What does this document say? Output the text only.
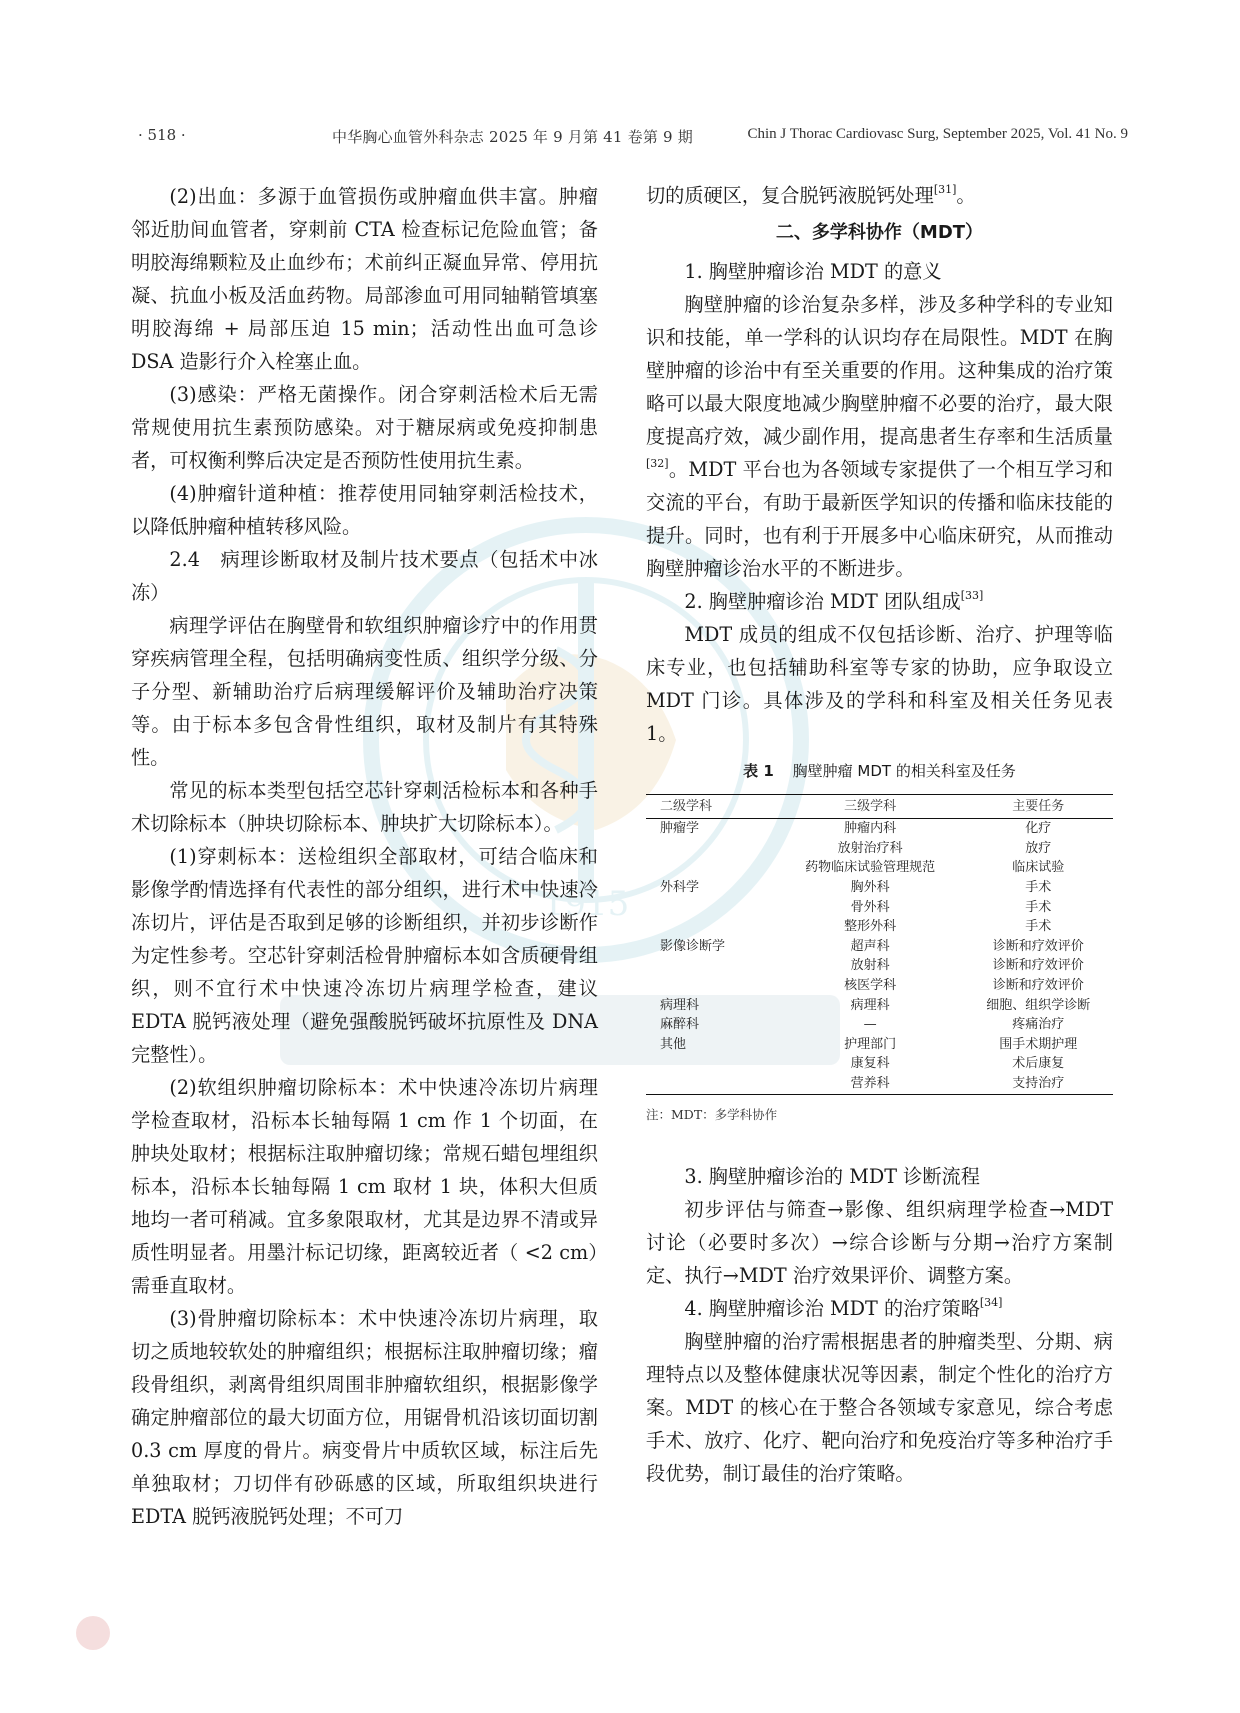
1915
· 518 ·	中华胸心血管外科杂志 2025 年 9 月第 41 卷第 9 期	Chin J Thorac Cardiovasc Surg, September 2025, Vol. 41 No. 9

(2)出血：多源于血管损伤或肿瘤血供丰富。肿瘤邻近肋间血管者，穿刺前 CTA 检查标记危险血管；备明胶海绵颗粒及止血纱布；术前纠正凝血异常、停用抗凝、抗血小板及活血药物。局部渗血可用同轴鞘管填塞明胶海绵 + 局部压迫 15 min；活动性出血可急诊 DSA 造影行介入栓塞止血。

(3)感染：严格无菌操作。闭合穿刺活检术后无需常规使用抗生素预防感染。对于糖尿病或免疫抑制患者，可权衡利弊后决定是否预防性使用抗生素。

(4)肿瘤针道种植：推荐使用同轴穿刺活检技术，以降低肿瘤种植转移风险。

2.4　病理诊断取材及制片技术要点（包括术中冰冻）

病理学评估在胸壁骨和软组织肿瘤诊疗中的作用贯穿疾病管理全程，包括明确病变性质、组织学分级、分子分型、新辅助治疗后病理缓解评价及辅助治疗决策等。由于标本多包含骨性组织，取材及制片有其特殊性。

常见的标本类型包括空芯针穿刺活检标本和各种手术切除标本（肿块切除标本、肿块扩大切除标本）。

(1)穿刺标本：送检组织全部取材，可结合临床和影像学酌情选择有代表性的部分组织，进行术中快速冷冻切片，评估是否取到足够的诊断组织，并初步诊断作为定性参考。空芯针穿刺活检骨肿瘤标本如含质硬骨组织，则不宜行术中快速冷冻切片病理学检查，建议 EDTA 脱钙液处理（避免强酸脱钙破坏抗原性及 DNA 完整性）。

(2)软组织肿瘤切除标本：术中快速冷冻切片病理学检查取材，沿标本长轴每隔 1 cm 作 1 个切面，在肿块处取材；根据标注取肿瘤切缘；常规石蜡包埋组织标本，沿标本长轴每隔 1 cm 取材 1 块，体积大但质地均一者可稍减。宜多象限取材，尤其是边界不清或异质性明显者。用墨汁标记切缘，距离较近者（ <2 cm）需垂直取材。

(3)骨肿瘤切除标本：术中快速冷冻切片病理，取切之质地较软处的肿瘤组织；根据标注取肿瘤切缘；瘤段骨组织，剥离骨组织周围非肿瘤软组织，根据影像学确定肿瘤部位的最大切面方位，用锯骨机沿该切面切割 0.3 cm 厚度的骨片。病变骨片中质软区域，标注后先单独取材；刀切伴有砂砾感的区域，所取组织块进行 EDTA 脱钙液脱钙处理；不可刀

切的质硬区，复合脱钙液脱钙处理[31]。

二、多学科协作（MDT）

1. 胸壁肿瘤诊治 MDT 的意义

胸壁肿瘤的诊治复杂多样，涉及多种学科的专业知识和技能，单一学科的认识均存在局限性。MDT 在胸壁肿瘤的诊治中有至关重要的作用。这种集成的治疗策略可以最大限度地减少胸壁肿瘤不必要的治疗，最大限度提高疗效，减少副作用，提高患者生存率和生活质量[32]。MDT 平台也为各领域专家提供了一个相互学习和交流的平台，有助于最新医学知识的传播和临床技能的提升。同时，也有利于开展多中心临床研究，从而推动胸壁肿瘤诊治水平的不断进步。

2. 胸壁肿瘤诊治 MDT 团队组成[33]

MDT 成员的组成不仅包括诊断、治疗、护理等临床专业，也包括辅助科室等专家的协助，应争取设立 MDT 门诊。具体涉及的学科和科室及相关任务见表 1。

表 1 胸壁肿瘤 MDT 的相关科室及任务
二级学科	三级学科	主要任务
肿瘤学	肿瘤内科	化疗
	放射治疗科	放疗
	药物临床试验管理规范	临床试验
外科学	胸外科	手术
	骨外科	手术
	整形外科	手术
影像诊断学	超声科	诊断和疗效评价
	放射科	诊断和疗效评价
	核医学科	诊断和疗效评价
病理科	病理科	细胞、组织学诊断
麻醉科	—	疼痛治疗
其他	护理部门	围手术期护理
	康复科	术后康复
	营养科	支持治疗
注：MDT：多学科协作

3. 胸壁肿瘤诊治的 MDT 诊断流程

初步评估与筛查→影像、组织病理学检查→MDT 讨论（必要时多次）→综合诊断与分期→治疗方案制定、执行→MDT 治疗效果评价、调整方案。

4. 胸壁肿瘤诊治 MDT 的治疗策略[34]

胸壁肿瘤的治疗需根据患者的肿瘤类型、分期、病理特点以及整体健康状况等因素，制定个性化的治疗方案。MDT 的核心在于整合各领域专家意见，综合考虑手术、放疗、化疗、靶向治疗和免疫治疗等多种治疗手段优势，制订最佳的治疗策略。
